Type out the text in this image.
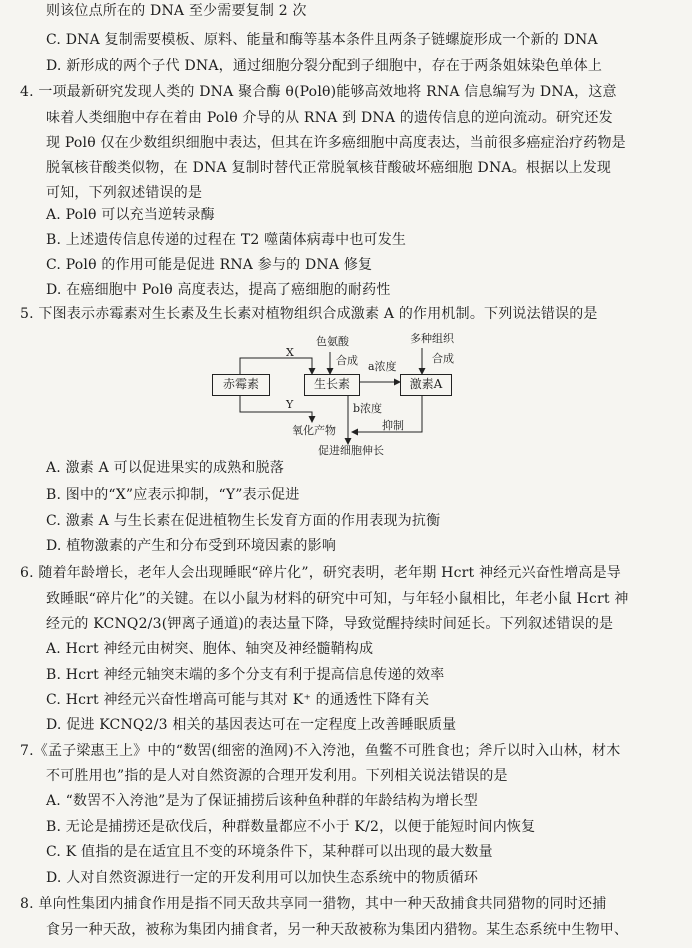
则该位点所在的 DNA 至少需要复制 2 次
C. DNA 复制需要模板、原料、能量和酶等基本条件且两条子链螺旋形成一个新的 DNA
D. 新形成的两个子代 DNA，通过细胞分裂分配到子细胞中，存在于两条姐妹染色单体上
4. 一项最新研究发现人类的 DNA 聚合酶 θ(Polθ)能够高效地将 RNA 信息编写为 DNA，这意
味着人类细胞中存在着由 Polθ 介导的从 RNA 到 DNA 的遗传信息的逆向流动。研究还发
现 Polθ 仅在少数组织细胞中表达，但其在许多癌细胞中高度表达，当前很多癌症治疗药物是
脱氧核苷酸类似物，在 DNA 复制时替代正常脱氧核苷酸破坏癌细胞 DNA。根据以上发现
可知，下列叙述错误的是
A. Polθ 可以充当逆转录酶
B. 上述遗传信息传递的过程在 T2 噬菌体病毒中也可发生
C. Polθ 的作用可能是促进 RNA 参与的 DNA 修复
D. 在癌细胞中 Polθ 高度表达，提高了癌细胞的耐药性
5. 下图表示赤霉素对生长素及生长素对植物组织合成激素 A 的作用机制。下列说法错误的是
赤霉素	生长素	激素A
色氨酸
合成
多种组织
合成
a浓度
b浓度
X
Y
氧化产物	抑制
促进细胞伸长
A. 激素 A 可以促进果实的成熟和脱落
B. 图中的“X”应表示抑制，“Y”表示促进
C. 激素 A 与生长素在促进植物生长发育方面的作用表现为抗衡
D. 植物激素的产生和分布受到环境因素的影响
6. 随着年龄增长，老年人会出现睡眠“碎片化”，研究表明，老年期 Hcrt 神经元兴奋性增高是导
致睡眠“碎片化”的关键。在以小鼠为材料的研究中可知，与年轻小鼠相比，年老小鼠 Hcrt 神
经元的 KCNQ2/3(钾离子通道)的表达量下降，导致觉醒持续时间延长。下列叙述错误的是
A. Hcrt 神经元由树突、胞体、轴突及神经髓鞘构成
B. Hcrt 神经元轴突末端的多个分支有利于提高信息传递的效率
C. Hcrt 神经元兴奋性增高可能与其对 K⁺ 的通透性下降有关
D. 促进 KCNQ2/3 相关的基因表达可在一定程度上改善睡眠质量
7.《孟子梁惠王上》中的“数罟(细密的渔网)不入洿池，鱼鳖不可胜食也；斧斤以时入山林，材木
不可胜用也”指的是人对自然资源的合理开发利用。下列相关说法错误的是
A. “数罟不入洿池”是为了保证捕捞后该种鱼种群的年龄结构为增长型
B. 无论是捕捞还是砍伐后，种群数量都应不小于 K/2，以便于能短时间内恢复
C. K 值指的是在适宜且不变的环境条件下，某种群可以出现的最大数量
D. 人对自然资源进行一定的开发利用可以加快生态系统中的物质循环
8. 单向性集团内捕食作用是指不同天敌共享同一猎物，其中一种天敌捕食共同猎物的同时还捕
食另一种天敌，被称为集团内捕食者，另一种天敌被称为集团内猎物。某生态系统中生物甲、
